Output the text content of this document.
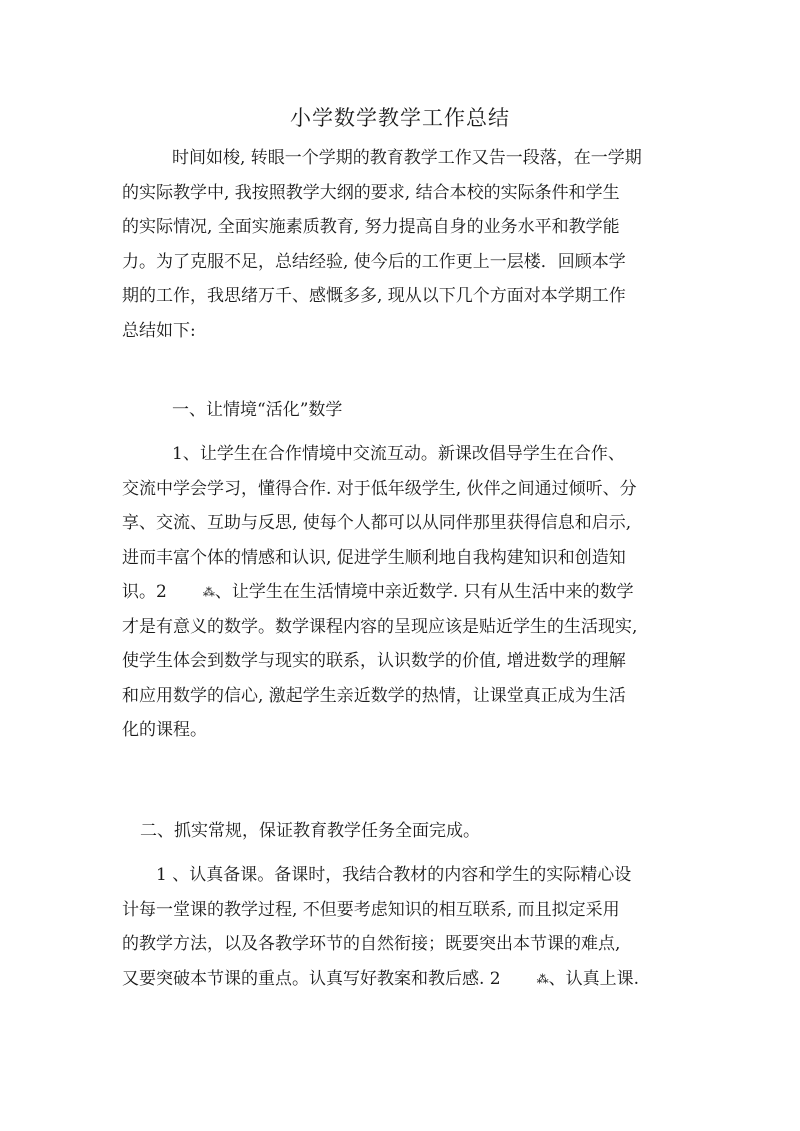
小学数学教学工作总结
时间如梭, 转眼一个学期的教育教学工作又告一段落，在一学期
的实际教学中, 我按照教学大纲的要求, 结合本校的实际条件和学生
的实际情况, 全面实施素质教育, 努力提高自身的业务水平和教学能
力。为了克服不足，总结经验, 使今后的工作更上一层楼．回顾本学
期的工作，我思绪万千、感慨多多, 现从以下几个方面对本学期工作
总结如下:
一、让情境“活化”数学
1、让学生在合作情境中交流互动。新课改倡导学生在合作、
交流中学会学习，懂得合作. 对于低年级学生, 伙伴之间通过倾听、分
享、交流、互助与反思, 使每个人都可以从同伴那里获得信息和启示,
进而丰富个体的情感和认识, 促进学生顺利地自我构建知识和创造知
识。2	⁂、让学生在生活情境中亲近数学. 只有从生活中来的数学
才是有意义的数学。数学课程内容的呈现应该是贴近学生的生活现实,
使学生体会到数学与现实的联系，认识数学的价值, 增进数学的理解
和应用数学的信心, 激起学生亲近数学的热情，让课堂真正成为生活
化的课程。
二、抓实常规，保证教育教学任务全面完成。
1 、认真备课。备课时，我结合教材的内容和学生的实际精心设
计每一堂课的教学过程, 不但要考虑知识的相互联系, 而且拟定采用
的教学方法，以及各教学环节的自然衔接；既要突出本节课的难点,
又要突破本节课的重点。认真写好教案和教后感. 2	⁂、认真上课.
